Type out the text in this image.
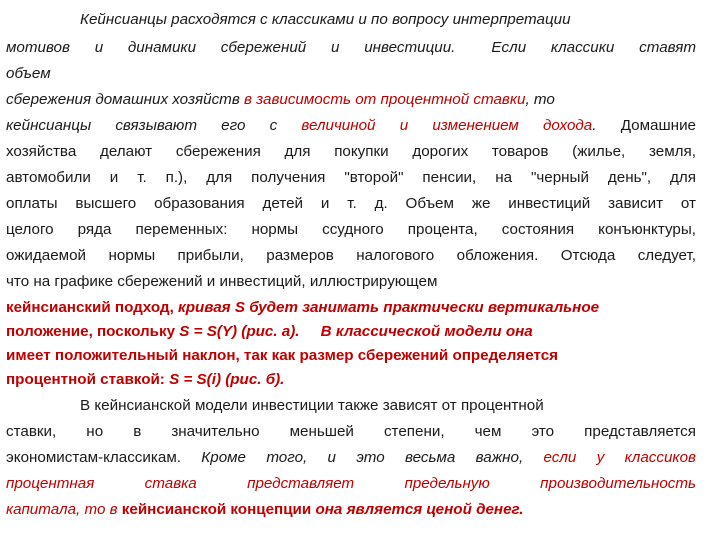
Кейнсианцы расходятся с классиками и по вопросу интерпретации
мотивов и динамики сбережений и инвестиции. Если классики ставят
объем
сбережения домашних хозяйств в зависимость от процентной ставки, то
кейнсианцы связывают его с величиной и изменением дохода. Домашние
хозяйства делают сбережения для покупки дорогих товаров (жилье, земля,
автомобили и т. п.), для получения "второй" пенсии, на "черный день", для
оплаты высшего образования детей и т. д. Объем же инвестиций зависит от
целого ряда переменных: нормы ссудного процента, состояния конъюнктуры,
ожидаемой нормы прибыли, размеров налогового обложения. Отсюда следует,
что на графике сбережений и инвестиций, иллюстрирующем
кейнсианский подход, кривая S будет занимать практически вертикальное
положение, поскольку S = S(Y) (рис. а).     В классической модели она
имеет положительный наклон, так как размер сбережений определяется
процентной ставкой: S = S(i) (рис. б).
В кейнсианской модели инвестиции также зависят от процентной
ставки, но в значительно меньшей степени, чем это представляется
экономистам-классикам. Кроме того, и это весьма важно, если у классиков
процентная ставка представляет предельную производительность
капитала, то в кейнсианской концепции она является ценой денег.
